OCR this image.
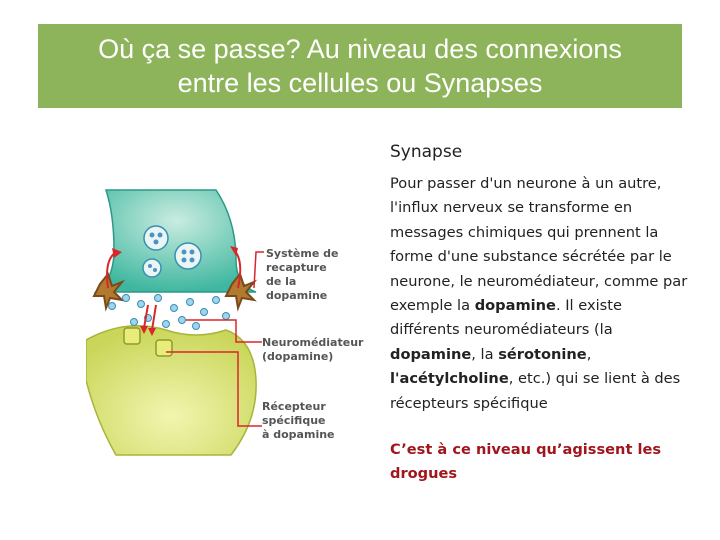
Où ça se passe? Au niveau des connexions
entre les cellules ou Synapses
Système de recapture de la dopamine
Neuromédiateur (dopamine)
Récepteur spécifique à dopamine
Synapse
Pour passer d'un neurone à un autre, l'influx nerveux se transforme en messages chimiques qui prennent la forme d'une substance sécrétée par le neurone, le neuromédiateur, comme par exemple la dopamine. Il existe différents neuromédiateurs (la dopamine, la sérotonine, l'acétylcholine, etc.) qui se lient à des récepteurs spécifique
C’est à ce niveau qu’agissent les drogues
